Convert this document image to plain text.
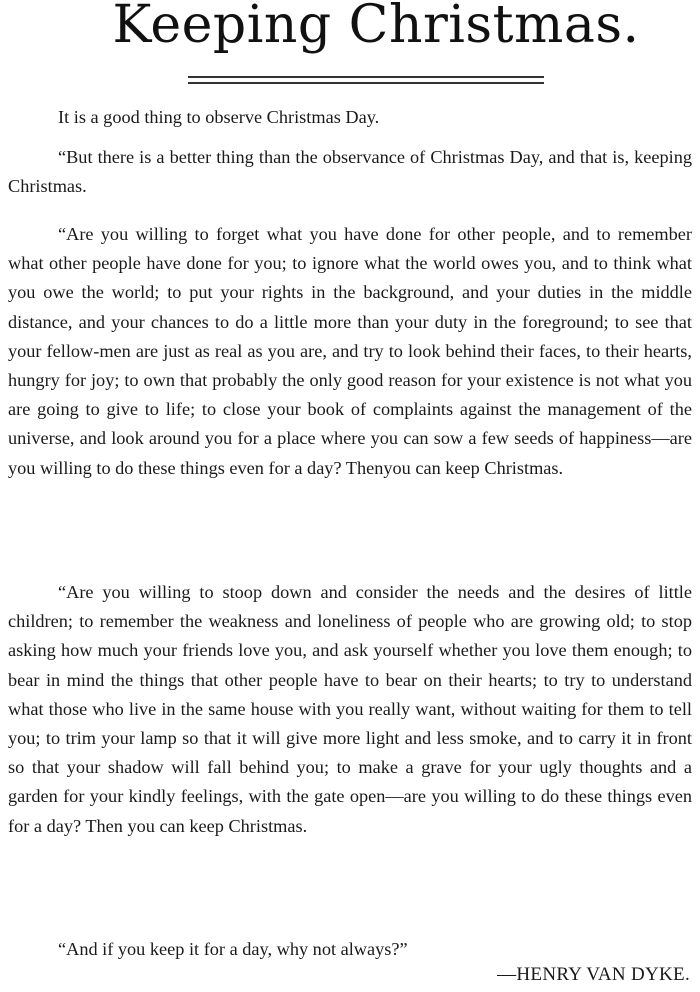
Keeping Christmas.

It is a good thing to observe Christmas Day.

“But there is a better thing than the observance of Christmas Day, and that is, keeping Christmas.

“Are you willing to forget what you have done for other people, and to remember what other people have done for you; to ignore what the world owes you, and to think what you owe the world; to put your rights in the background, and your duties in the middle distance, and your chances to do a little more than your duty in the foreground; to see that your fellow-men are just as real as you are, and try to look behind their faces, to their hearts, hungry for joy; to own that probably the only good reason for your existence is not what you are going to give to life; to close your book of complaints against the management of the universe, and look around you for a place where you can sow a few seeds of happiness—are you willing to do these things even for a day? Thenyou can keep Christmas.

“Are you willing to stoop down and consider the needs and the desires of little children; to remember the weakness and loneliness of people who are growing old; to stop asking how much your friends love you, and ask yourself whether you love them enough; to bear in mind the things that other people have to bear on their hearts; to try to understand what those who live in the same house with you really want, without waiting for them to tell you; to trim your lamp so that it will give more light and less smoke, and to carry it in front so that your shadow will fall behind you; to make a grave for your ugly thoughts and a garden for your kindly feelings, with the gate open—are you willing to do these things even for a day? Then you can keep Christmas.

“And if you keep it for a day, why not always?”

—HENRY VAN DYKE.
